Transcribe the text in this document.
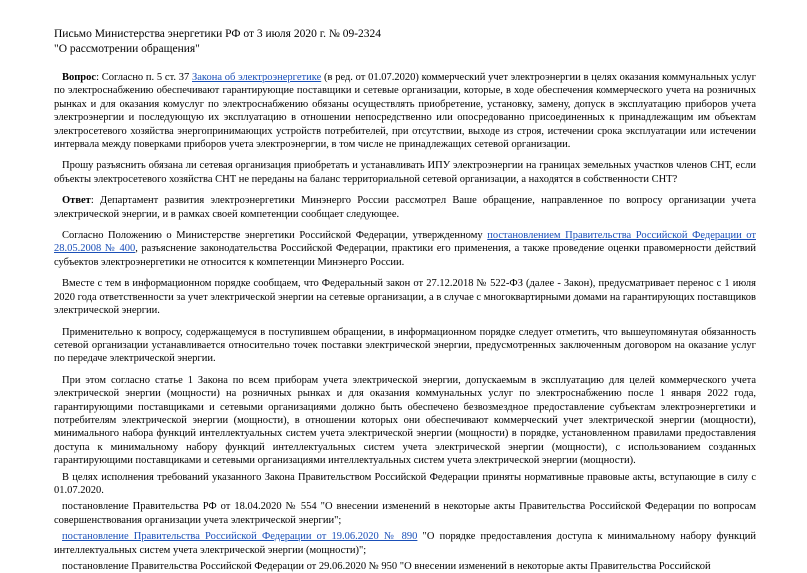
Письмо Министерства энергетики РФ от 3 июля 2020 г. № 09-2324
"О рассмотрении обращения"

Вопрос: Согласно п. 5 ст. 37 Закона об электроэнергетике (в ред. от 01.07.2020) коммерческий учет электроэнергии в целях оказания коммунальных услуг по электроснабжению обеспечивают гарантирующие поставщики и сетевые организации, которые, в ходе обеспечения коммерческого учета на розничных рынках и для оказания комуслуг по электроснабжению обязаны осуществлять приобретение, установку, замену, допуск в эксплуатацию приборов учета электроэнергии и последующую их эксплуатацию в отношении непосредственно или опосредованно присоединенных к принадлежащим им объектам электросетевого хозяйства энергопринимающих устройств потребителей, при отсутствии, выходе из строя, истечении срока эксплуатации или истечении интервала между поверками приборов учета электроэнергии, в том числе не принадлежащих сетевой организации.

Прошу разъяснить обязана ли сетевая организация приобретать и устанавливать ИПУ электроэнергии на границах земельных участков членов СНТ, если объекты электросетевого хозяйства СНТ не переданы на баланс территориальной сетевой организации, а находятся в собственности СНТ?

Ответ: Департамент развития электроэнергетики Минэнерго России рассмотрел Ваше обращение, направленное по вопросу организации учета электрической энергии, и в рамках своей компетенции сообщает следующее.

Согласно Положению о Министерстве энергетики Российской Федерации, утвержденному постановлением Правительства Российской Федерации от 28.05.2008 № 400, разъяснение законодательства Российской Федерации, практики его применения, а также проведение оценки правомерности действий субъектов электроэнергетики не относится к компетенции Минэнерго России.

Вместе с тем в информационном порядке сообщаем, что Федеральный закон от 27.12.2018 № 522-ФЗ (далее - Закон), предусматривает перенос с 1 июля 2020 года ответственности за учет электрической энергии на сетевые организации, а в случае с многоквартирными домами на гарантирующих поставщиков электрической энергии.

Применительно к вопросу, содержащемуся в поступившем обращении, в информационном порядке следует отметить, что вышеупомянутая обязанность сетевой организации устанавливается относительно точек поставки электрической энергии, предусмотренных заключенным договором на оказание услуг по передаче электрической энергии.

При этом согласно статье 1 Закона по всем приборам учета электрической энергии, допускаемым в эксплуатацию для целей коммерческого учета электрической энергии (мощности) на розничных рынках и для оказания коммунальных услуг по электроснабжению после 1 января 2022 года, гарантирующими поставщиками и сетевыми организациями должно быть обеспечено безвозмездное предоставление субъектам электроэнергетики и потребителям электрической энергии (мощности), в отношении которых они обеспечивают коммерческий учет электрической энергии (мощности), минимального набора функций интеллектуальных систем учета электрической энергии (мощности) в порядке, установленном правилами предоставления доступа к минимальному набору функций интеллектуальных систем учета электрической энергии (мощности), с использованием созданных гарантирующими поставщиками и сетевыми организациями интеллектуальных систем учета электрической энергии (мощности).

В целях исполнения требований указанного Закона Правительством Российской Федерации приняты нормативные правовые акты, вступающие в силу с 01.07.2020.

постановление Правительства РФ от 18.04.2020 № 554 "О внесении изменений в некоторые акты Правительства Российской Федерации по вопросам совершенствования организации учета электрической энергии";

постановление Правительства Российской Федерации от 19.06.2020 № 890 "О порядке предоставления доступа к минимальному набору функций интеллектуальных систем учета электрической энергии (мощности)";

постановление Правительства Российской Федерации от 29.06.2020 № 950 "О внесении изменений в некоторые акты Правительства Российской
